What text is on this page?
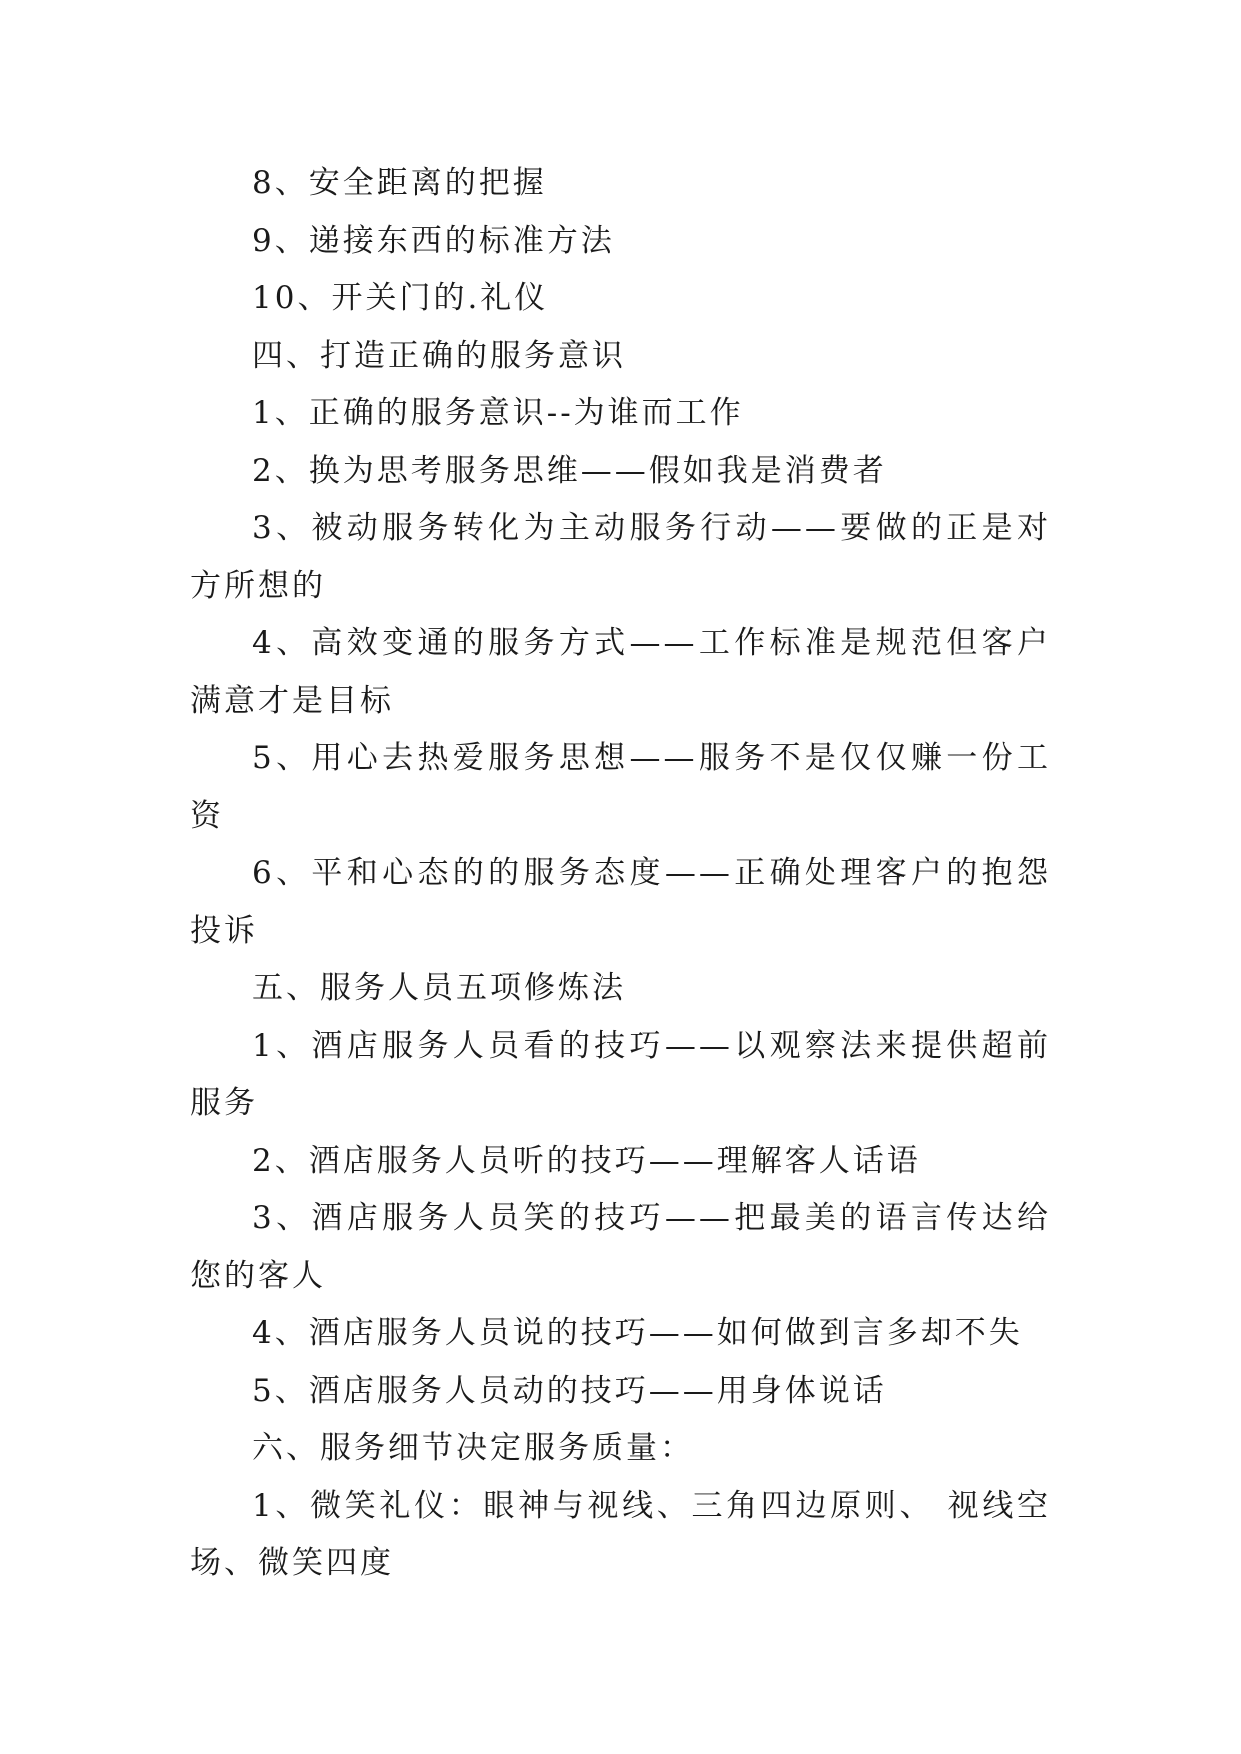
8、安全距离的把握

9、递接东西的标准方法

10、开关门的.礼仪

四、打造正确的服务意识

1、正确的服务意识--为谁而工作

2、换为思考服务思维——假如我是消费者

3、被动服务转化为主动服务行动——要做的正是对方所想的

4、高效变通的服务方式——工作标准是规范但客户满意才是目标

5、用心去热爱服务思想——服务不是仅仅赚一份工资

6、平和心态的的服务态度——正确处理客户的抱怨投诉

五、服务人员五项修炼法

1、酒店服务人员看的技巧——以观察法来提供超前服务

2、酒店服务人员听的技巧——理解客人话语

3、酒店服务人员笑的技巧——把最美的语言传达给您的客人

4、酒店服务人员说的技巧——如何做到言多却不失

5、酒店服务人员动的技巧——用身体说话

六、服务细节决定服务质量：

1、微笑礼仪：眼神与视线、三角四边原则、 视线空场、微笑四度
